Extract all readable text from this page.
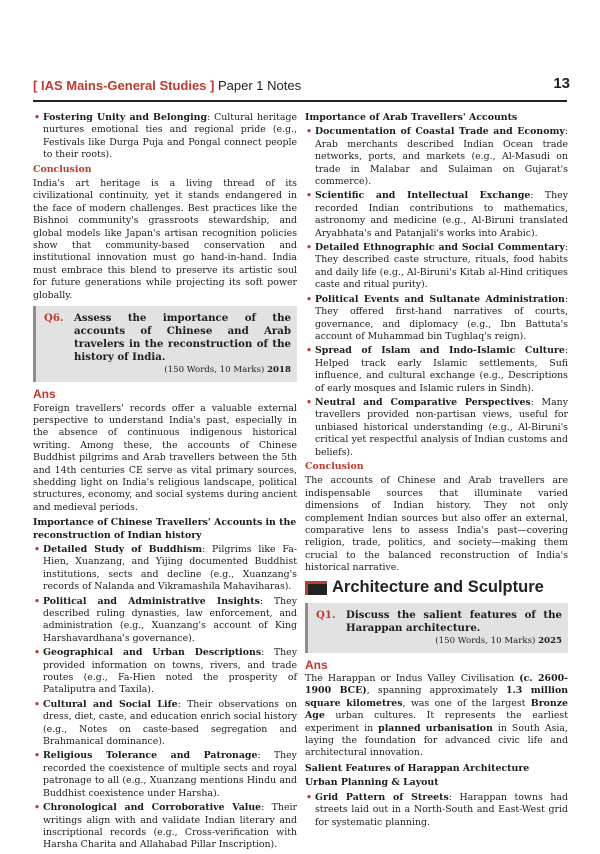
[ IAS Mains-General Studies ] Paper 1 Notes	13
• Fostering Unity and Belonging: Cultural heritage nurtures emotional ties and regional pride (e.g., Festivals like Durga Puja and Pongal connect people to their roots).
Conclusion

India's art heritage is a living thread of its civilizational continuity, yet it stands endangered in the face of modern challenges. Best practices like the Bishnoi community's grassroots stewardship, and global models like Japan's artisan recognition policies show that community-based conservation and institutional innovation must go hand-in-hand. India must embrace this blend to preserve its artistic soul for future generations while projecting its soft power globally.

Q6.	Assess the importance of the accounts of Chinese and Arab travelers in the reconstruction of the history of India.
(150 Words, 10 Marks) 2018
Ans

Foreign travellers' records offer a valuable external perspective to understand India's past, especially in the absence of continuous indigenous historical writing. Among these, the accounts of Chinese Buddhist pilgrims and Arab travellers between the 5th and 14th centuries CE serve as vital primary sources, shedding light on India's religious landscape, political structures, economy, and social systems during ancient and medieval periods.

Importance of Chinese Travellers' Accounts in the reconstruction of Indian history
• Detailed Study of Buddhism: Pilgrims like Fa-Hien, Xuanzang, and Yijing documented Buddhist institutions, sects and decline (e.g., Xuanzang's records of Nalanda and Vikramashila Mahaviharas).
• Political and Administrative Insights: They described ruling dynasties, law enforcement, and administration (e.g., Xuanzang's account of King Harshavardhana's governance).
• Geographical and Urban Descriptions: They provided information on towns, rivers, and trade routes (e.g., Fa-Hien noted the prosperity of Pataliputra and Taxila).
• Cultural and Social Life: Their observations on dress, diet, caste, and education enrich social history (e.g., Notes on caste-based segregation and Brahmanical dominance).
• Religious Tolerance and Patronage: They recorded the coexistence of multiple sects and royal patronage to all (e.g., Xuanzang mentions Hindu and Buddhist coexistence under Harsha).
• Chronological and Corroborative Value: Their writings align with and validate Indian literary and inscriptional records (e.g., Cross-verification with Harsha Charita and Allahabad Pillar Inscription).
Importance of Arab Travellers' Accounts
• Documentation of Coastal Trade and Economy: Arab merchants described Indian Ocean trade networks, ports, and markets (e.g., Al-Masudi on trade in Malabar and Sulaiman on Gujarat's commerce).
• Scientific and Intellectual Exchange: They recorded Indian contributions to mathematics, astronomy and medicine (e.g., Al-Biruni translated Aryabhata's and Patanjali's works into Arabic).
• Detailed Ethnographic and Social Commentary: They described caste structure, rituals, food habits and daily life (e.g., Al-Biruni's Kitab al-Hind critiques caste and ritual purity).
• Political Events and Sultanate Administration: They offered first-hand narratives of courts, governance, and diplomacy (e.g., Ibn Battuta's account of Muhammad bin Tughlaq's reign).
• Spread of Islam and Indo-Islamic Culture: Helped track early Islamic settlements, Sufi influence, and cultural exchange (e.g., Descriptions of early mosques and Islamic rulers in Sindh).
• Neutral and Comparative Perspectives: Many travellers provided non-partisan views, useful for unbiased historical understanding (e.g., Al-Biruni's critical yet respectful analysis of Indian customs and beliefs).
Conclusion

The accounts of Chinese and Arab travellers are indispensable sources that illuminate varied dimensions of Indian history. They not only complement Indian sources but also offer an external, comparative lens to assess India's past—covering religion, trade, politics, and society—making them crucial to the balanced reconstruction of India's historical narrative.

Architecture and Sculpture
Q1.	Discuss the salient features of the Harappan architecture.
(150 Words, 10 Marks) 2025
Ans

The Harappan or Indus Valley Civilisation (c. 2600-1900 BCE), spanning approximately 1.3 million square kilometres, was one of the largest Bronze Age urban cultures. It represents the earliest experiment in planned urbanisation in South Asia, laying the foundation for advanced civic life and architectural innovation.

Salient Features of Harappan Architecture
Urban Planning & Layout
• Grid Pattern of Streets: Harappan towns had streets laid out in a North-South and East-West grid for systematic planning.
